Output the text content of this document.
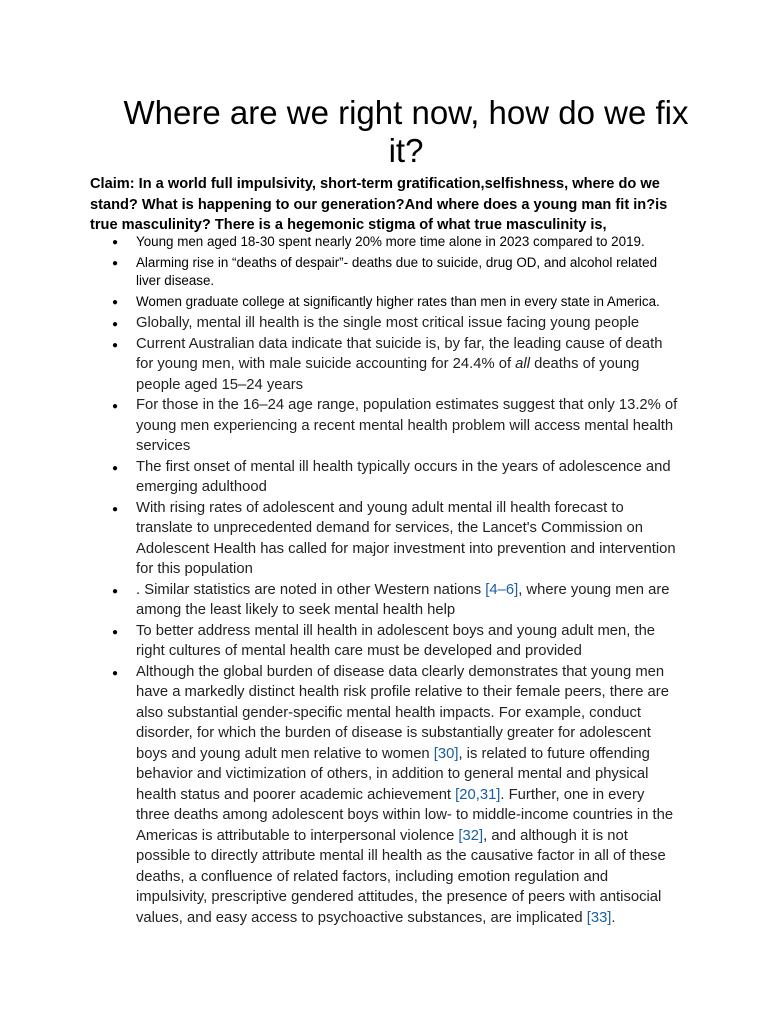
Where are we right now, how do we fix it?

Claim: In a world full impulsivity, short-term gratification,selfishness, where do we stand? What is happening to our generation?And where does a young man fit in?is true masculinity? There is a hegemonic stigma of what true masculinity is,

● Young men aged 18-30 spent nearly 20% more time alone in 2023 compared to 2019.
● Alarming rise in “deaths of despair”- deaths due to suicide, drug OD, and alcohol related liver disease.
● Women graduate college at significantly higher rates than men in every state in America.
● Globally, mental ill health is the single most critical issue facing young people
● Current Australian data indicate that suicide is, by far, the leading cause of death for young men, with male suicide accounting for 24.4% of all deaths of young people aged 15–24 years
● For those in the 16–24 age range, population estimates suggest that only 13.2% of young men experiencing a recent mental health problem will access mental health services
● The first onset of mental ill health typically occurs in the years of adolescence and emerging adulthood
● With rising rates of adolescent and young adult mental ill health forecast to translate to unprecedented demand for services, the Lancet's Commission on Adolescent Health has called for major investment into prevention and intervention for this population
● . Similar statistics are noted in other Western nations [4–6], where young men are among the least likely to seek mental health help
● To better address mental ill health in adolescent boys and young adult men, the right cultures of mental health care must be developed and provided
● Although the global burden of disease data clearly demonstrates that young men have a markedly distinct health risk profile relative to their female peers, there are also substantial gender-specific mental health impacts. For example, conduct disorder, for which the burden of disease is substantially greater for adolescent boys and young adult men relative to women [30], is related to future offending behavior and victimization of others, in addition to general mental and physical health status and poorer academic achievement [20,31]. Further, one in every three deaths among adolescent boys within low- to middle-income countries in the Americas is attributable to interpersonal violence [32], and although it is not possible to directly attribute mental ill health as the causative factor in all of these deaths, a confluence of related factors, including emotion regulation and impulsivity, prescriptive gendered attitudes, the presence of peers with antisocial values, and easy access to psychoactive substances, are implicated [33].
